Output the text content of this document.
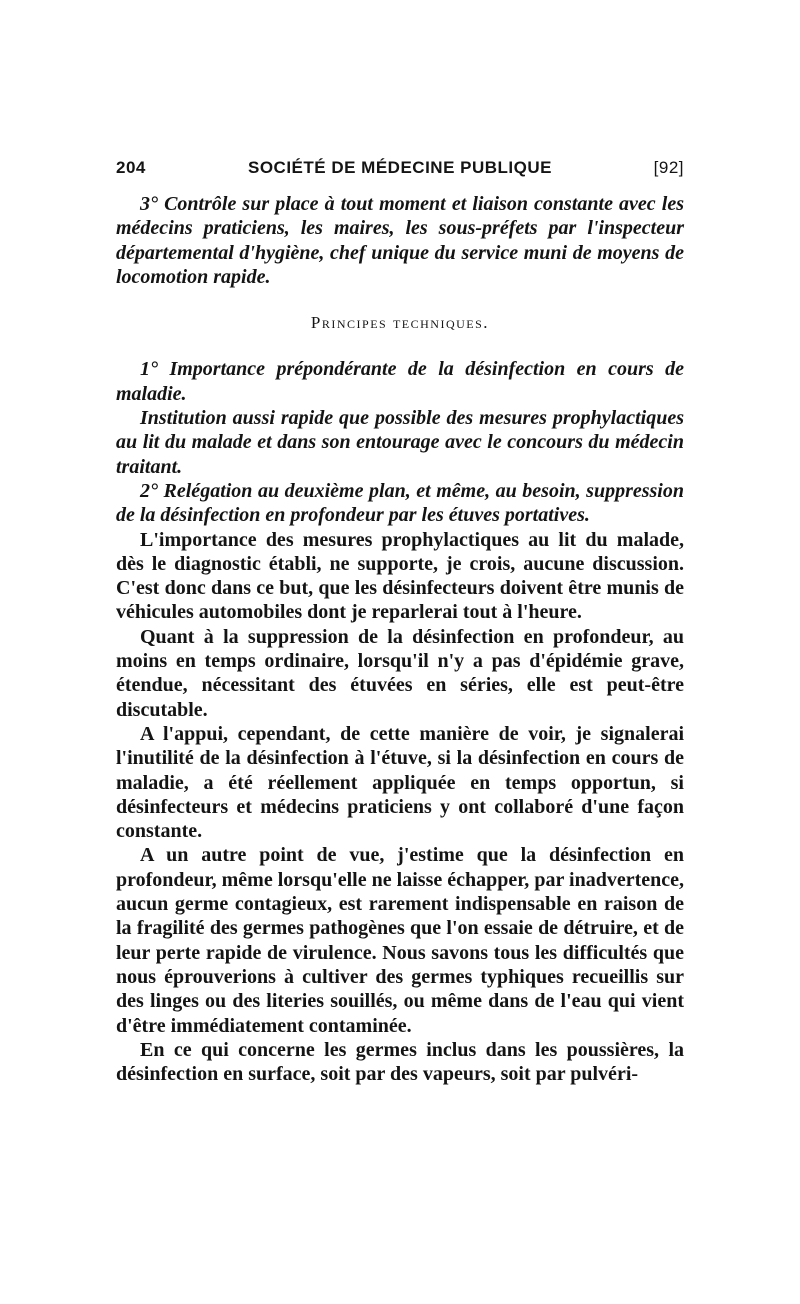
204	SOCIÉTÉ DE MÉDECINE PUBLIQUE	[92]

3° Contrôle sur place à tout moment et liaison constante avec les médecins praticiens, les maires, les sous-préfets par l'inspecteur départemental d'hygiène, chef unique du service muni de moyens de locomotion rapide.

Principes techniques.

1° Importance prépondérante de la désinfection en cours de maladie.

Institution aussi rapide que possible des mesures prophylactiques au lit du malade et dans son entourage avec le concours du médecin traitant.

2° Relégation au deuxième plan, et même, au besoin, suppression de la désinfection en profondeur par les étuves portatives.

L'importance des mesures prophylactiques au lit du malade, dès le diagnostic établi, ne supporte, je crois, aucune discussion. C'est donc dans ce but, que les désinfecteurs doivent être munis de véhicules automobiles dont je reparlerai tout à l'heure.

Quant à la suppression de la désinfection en profondeur, au moins en temps ordinaire, lorsqu'il n'y a pas d'épidémie grave, étendue, nécessitant des étuvées en séries, elle est peut-être discutable.

A l'appui, cependant, de cette manière de voir, je signalerai l'inutilité de la désinfection à l'étuve, si la désinfection en cours de maladie, a été réellement appliquée en temps opportun, si désinfecteurs et médecins praticiens y ont collaboré d'une façon constante.

A un autre point de vue, j'estime que la désinfection en profondeur, même lorsqu'elle ne laisse échapper, par inadvertence, aucun germe contagieux, est rarement indispensable en raison de la fragilité des germes pathogènes que l'on essaie de détruire, et de leur perte rapide de virulence. Nous savons tous les difficultés que nous éprouverions à cultiver des germes typhiques recueillis sur des linges ou des literies souillés, ou même dans de l'eau qui vient d'être immédiatement contaminée.

En ce qui concerne les germes inclus dans les poussières, la désinfection en surface, soit par des vapeurs, soit par pulvéri-
